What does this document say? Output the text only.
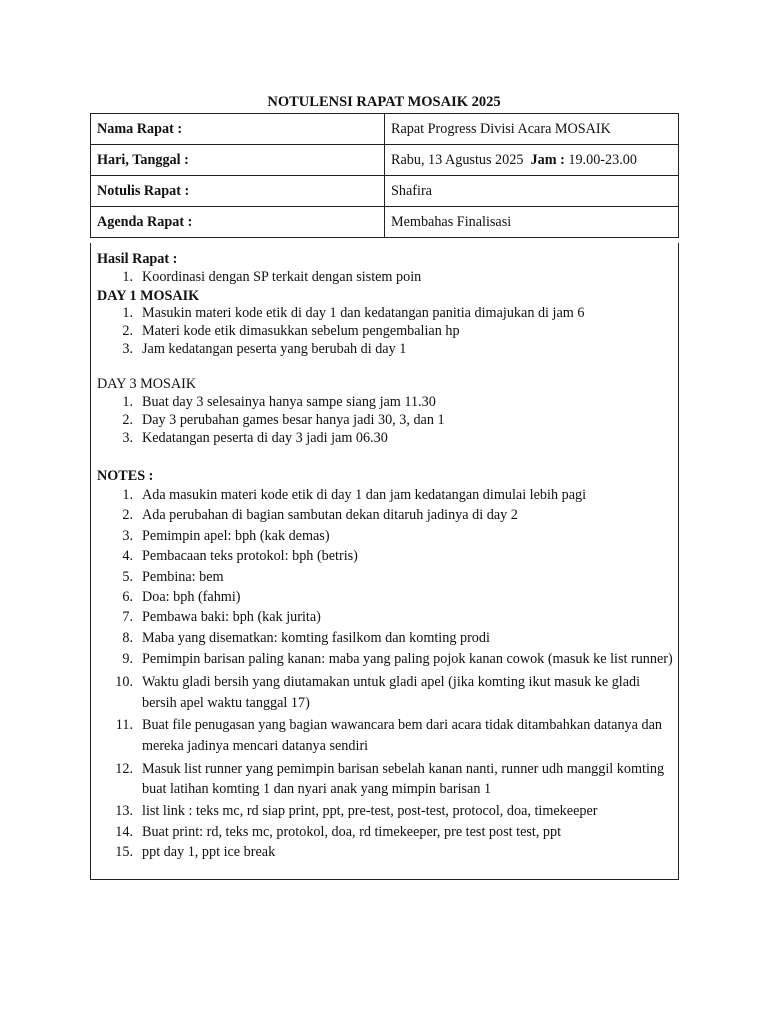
NOTULENSI RAPAT MOSAIK 2025
Nama Rapat :	Rapat Progress Divisi Acara MOSAIK
Hari, Tanggal :	Rabu, 13 Agustus 2025 Jam : 19.00-23.00
Notulis Rapat :	Shafira
Agenda Rapat :	Membahas Finalisasi
Hasil Rapat :
1. Koordinasi dengan SP terkait dengan sistem poin
DAY 1 MOSAIK
1. Masukin materi kode etik di day 1 dan kedatangan panitia dimajukan di jam 6
2. Materi kode etik dimasukkan sebelum pengembalian hp
3. Jam kedatangan peserta yang berubah di day 1
DAY 3 MOSAIK
1. Buat day 3 selesainya hanya sampe siang jam 11.30
2. Day 3 perubahan games besar hanya jadi 30, 3, dan 1
3. Kedatangan peserta di day 3 jadi jam 06.30
NOTES :
1. Ada masukin materi kode etik di day 1 dan jam kedatangan dimulai lebih pagi
2. Ada perubahan di bagian sambutan dekan ditaruh jadinya di day 2
3. Pemimpin apel: bph (kak demas)
4. Pembacaan teks protokol: bph (betris)
5. Pembina: bem
6. Doa: bph (fahmi)
7. Pembawa baki: bph (kak jurita)
8. Maba yang disematkan: komting fasilkom dan komting prodi
9. Pemimpin barisan paling kanan: maba yang paling pojok kanan cowok (masuk ke list runner)
10. Waktu gladi bersih yang diutamakan untuk gladi apel (jika komting ikut masuk ke gladi bersih apel waktu tanggal 17)
11. Buat file penugasan yang bagian wawancara bem dari acara tidak ditambahkan datanya dan mereka jadinya mencari datanya sendiri
12. Masuk list runner yang pemimpin barisan sebelah kanan nanti, runner udh manggil komting buat latihan komting 1 dan nyari anak yang mimpin barisan 1
13. list link : teks mc, rd siap print, ppt, pre-test, post-test, protocol, doa, timekeeper
14. Buat print: rd, teks mc, protokol, doa, rd timekeeper, pre test post test, ppt
15. ppt day 1, ppt ice break
